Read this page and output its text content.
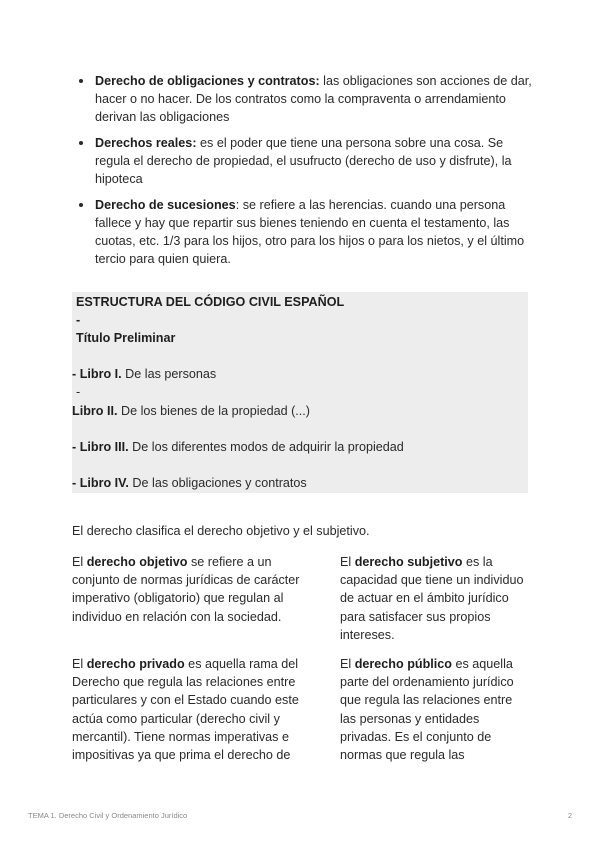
Derecho de obligaciones y contratos: las obligaciones son acciones de dar, hacer o no hacer. De los contratos como la compraventa o arrendamiento derivan las obligaciones
Derechos reales: es el poder que tiene una persona sobre una cosa. Se regula el derecho de propiedad, el usufructo (derecho de uso y disfrute), la hipoteca
Derecho de sucesiones: se refiere a las herencias. cuando una persona fallece y hay que repartir sus bienes teniendo en cuenta el testamento, las cuotas, etc. 1/3 para los hijos, otro para los hijos o para los nietos, y el último tercio para quien quiera.
ESTRUCTURA DEL CÓDIGO CIVIL ESPAÑOL
-
Título Preliminar
- Libro I. De las personas
-
Libro II. De los bienes de la propiedad (...)
- Libro III. De los diferentes modos de adquirir la propiedad
- Libro IV. De las obligaciones y contratos
El derecho clasifica el derecho objetivo y el subjetivo.
El derecho objetivo se refiere a un conjunto de normas jurídicas de carácter imperativo (obligatorio) que regulan al individuo en relación con la sociedad.
El derecho subjetivo es la capacidad que tiene un individuo de actuar en el ámbito jurídico para satisfacer sus propios intereses.
El derecho privado es aquella rama del Derecho que regula las relaciones entre particulares y con el Estado cuando este actúa como particular (derecho civil y mercantil). Tiene normas imperativas e impositivas ya que prima el derecho de
El derecho público es aquella parte del ordenamiento jurídico que regula las relaciones entre las personas y entidades privadas. Es el conjunto de normas que regula las
TEMA 1. Derecho Civil y Ordenamiento Jurídico	2
